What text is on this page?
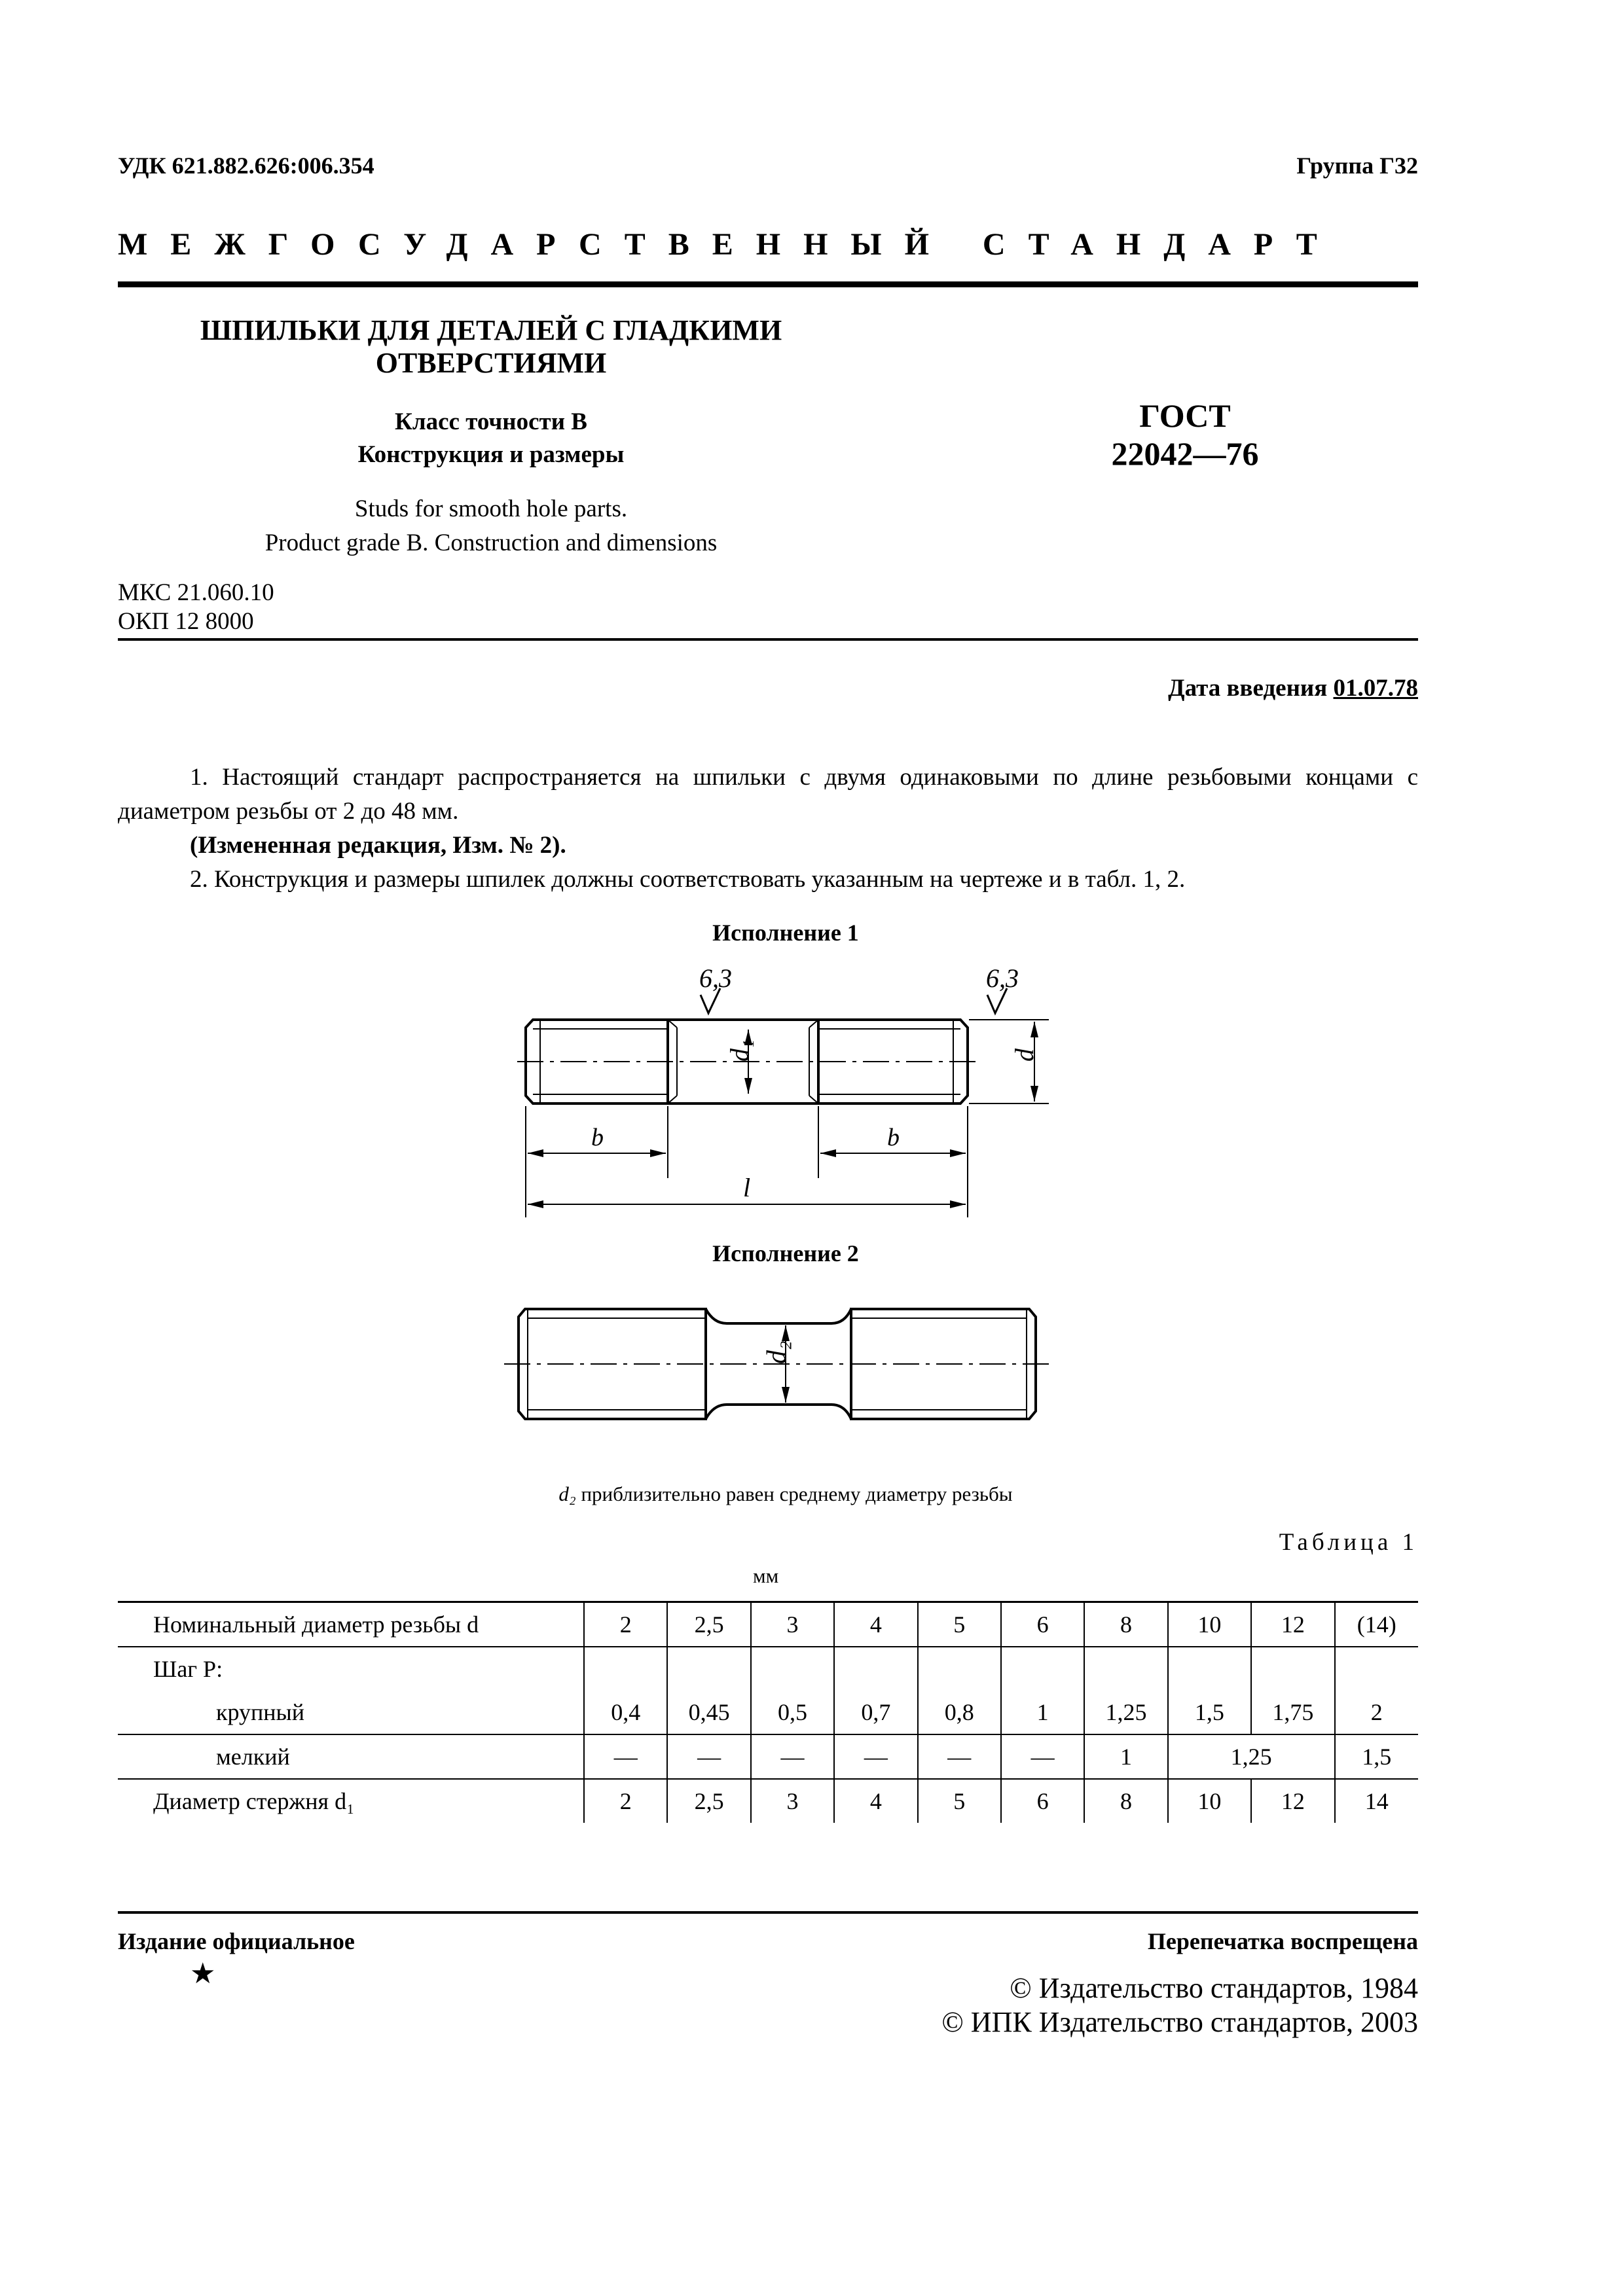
УДК 621.882.626:006.354	Группа Г32
МЕЖГОСУДАРСТВЕННЫЙ СТАНДАРТ
ШПИЛЬКИ ДЛЯ ДЕТАЛЕЙ С ГЛАДКИМИ
ОТВЕРСТИЯМИ
Класс точности В
Конструкция и размеры
Studs for smooth hole parts.
Product grade B. Construction and dimensions
ГОСТ
22042—76
МКС 21.060.10
ОКП 12 8000
Дата введения 01.07.78
1. Настоящий стандарт распространяется на шпильки с двумя одинаковыми по длине резьбовыми концами с диаметром резьбы от 2 до 48 мм.
(Измененная редакция, Изм. № 2).
2. Конструкция и размеры шпилек должны соответствовать указанным на чертеже и в табл. 1, 2.
Исполнение 1
6,3	6,3
d₁	d
b	b
l
Исполнение 2
d₂
d₂ приблизительно равен среднему диаметру резьбы
Таблица 1
мм
Номинальный диаметр резьбы d	2	2,5	3	4	5	6	8	10	12	(14)
Шаг P:										
крупный	0,4	0,45	0,5	0,7	0,8	1	1,25	1,5	1,75	2
мелкий	—	—	—	—	—	—	1	1,25		1,5
Диаметр стержня d₁	2	2,5	3	4	5	6	8	10	12	14
Издание официальное
★
Перепечатка воспрещена
© Издательство стандартов, 1984
© ИПК Издательство стандартов, 2003
